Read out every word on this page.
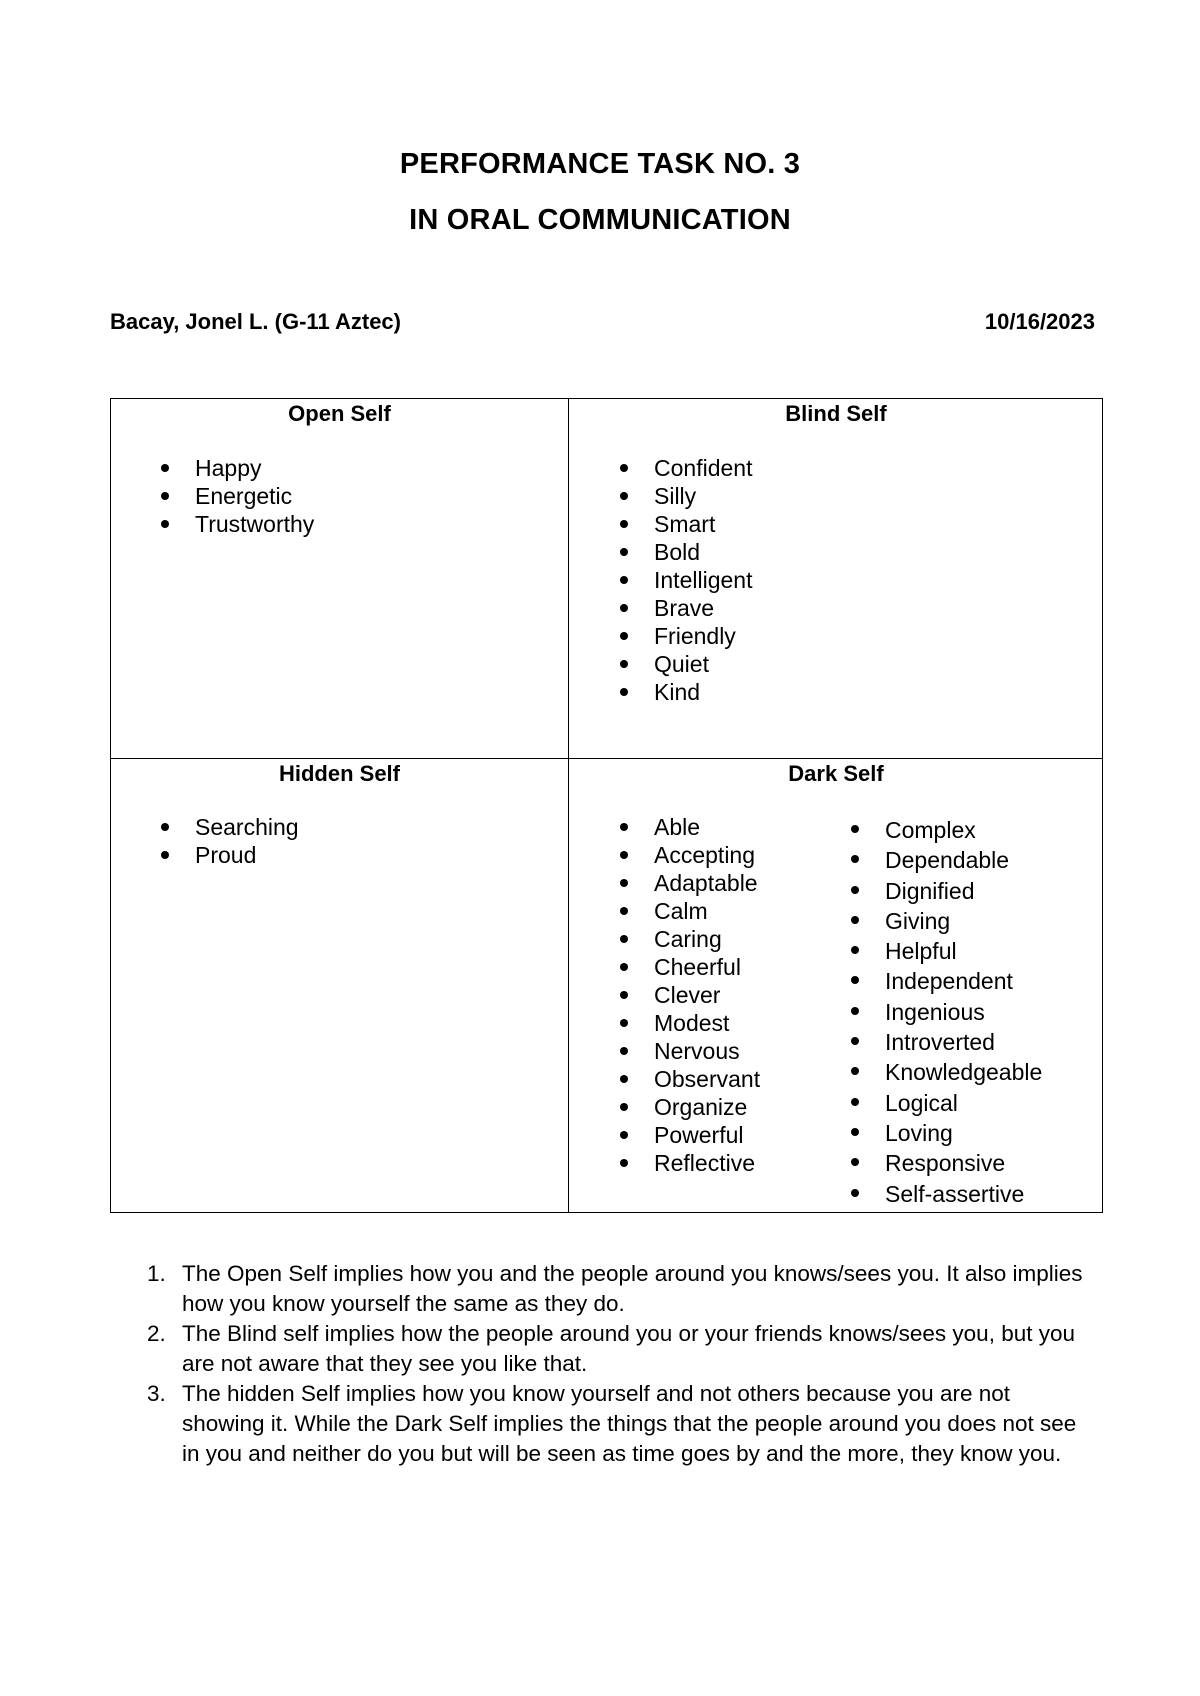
PERFORMANCE TASK NO. 3
IN ORAL COMMUNICATION
Bacay, Jonel L. (G-11 Aztec)	10/16/2023
Open Self
Happy
Energetic
Trustworthy
Blind Self
Confident
Silly
Smart
Bold
Intelligent
Brave
Friendly
Quiet
Kind
Hidden Self
Searching
Proud
Dark Self
Able
Accepting
Adaptable
Calm
Caring
Cheerful
Clever
Modest
Nervous
Observant
Organize
Powerful
Reflective
Complex
Dependable
Dignified
Giving
Helpful
Independent
Ingenious
Introverted
Knowledgeable
Logical
Loving
Responsive
Self-assertive
1. The Open Self implies how you and the people around you knows/sees you. It also implies how you know yourself the same as they do.
2. The Blind self implies how the people around you or your friends knows/sees you, but you are not aware that they see you like that.
3. The hidden Self implies how you know yourself and not others because you are not showing it. While the Dark Self implies the things that the people around you does not see in you and neither do you but will be seen as time goes by and the more, they know you.
